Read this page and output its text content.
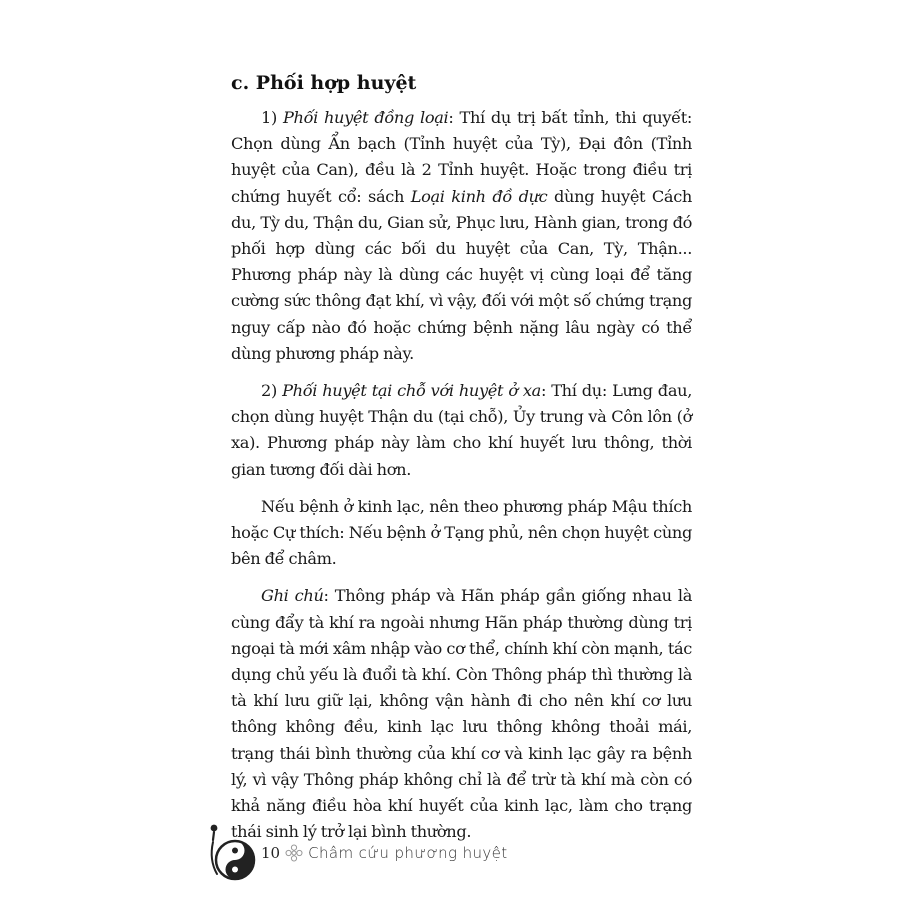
c. Phối hợp huyệt

1) Phối huyệt đồng loại: Thí dụ trị bất tỉnh, thi quyết: Chọn dùng Ẩn bạch (Tỉnh huyệt của Tỳ), Đại đôn (Tỉnh huyệt của Can), đều là 2 Tỉnh huyệt. Hoặc trong điều trị chứng huyết cổ: sách Loại kinh đồ dực dùng huyệt Cách du, Tỳ du, Thận du, Gian sử, Phục lưu, Hành gian, trong đó phối hợp dùng các bối du huyệt của Can, Tỳ, Thận... Phương pháp này là dùng các huyệt vị cùng loại để tăng cường sức thông đạt khí, vì vậy, đối với một số chứng trạng nguy cấp nào đó hoặc chứng bệnh nặng lâu ngày có thể dùng phương pháp này.

2) Phối huyệt tại chỗ với huyệt ở xa: Thí dụ: Lưng đau, chọn dùng huyệt Thận du (tại chỗ), Ủy trung và Côn lôn (ở xa). Phương pháp này làm cho khí huyết lưu thông, thời gian tương đối dài hơn.

Nếu bệnh ở kinh lạc, nên theo phương pháp Mậu thích hoặc Cự thích: Nếu bệnh ở Tạng phủ, nên chọn huyệt cùng bên để châm.

Ghi chú: Thông pháp và Hãn pháp gần giống nhau là cùng đẩy tà khí ra ngoài nhưng Hãn pháp thường dùng trị ngoại tà mới xâm nhập vào cơ thể, chính khí còn mạnh, tác dụng chủ yếu là đuổi tà khí. Còn Thông pháp thì thường là tà khí lưu giữ lại, không vận hành đi cho nên khí cơ lưu thông không đều, kinh lạc lưu thông không thoải mái, trạng thái bình thường của khí cơ và kinh lạc gây ra bệnh lý, vì vậy Thông pháp không chỉ là để trừ tà khí mà còn có khả năng điều hòa khí huyết của kinh lạc, làm cho trạng thái sinh lý trở lại bình thường.

10 Châm cứu phương huyệt
